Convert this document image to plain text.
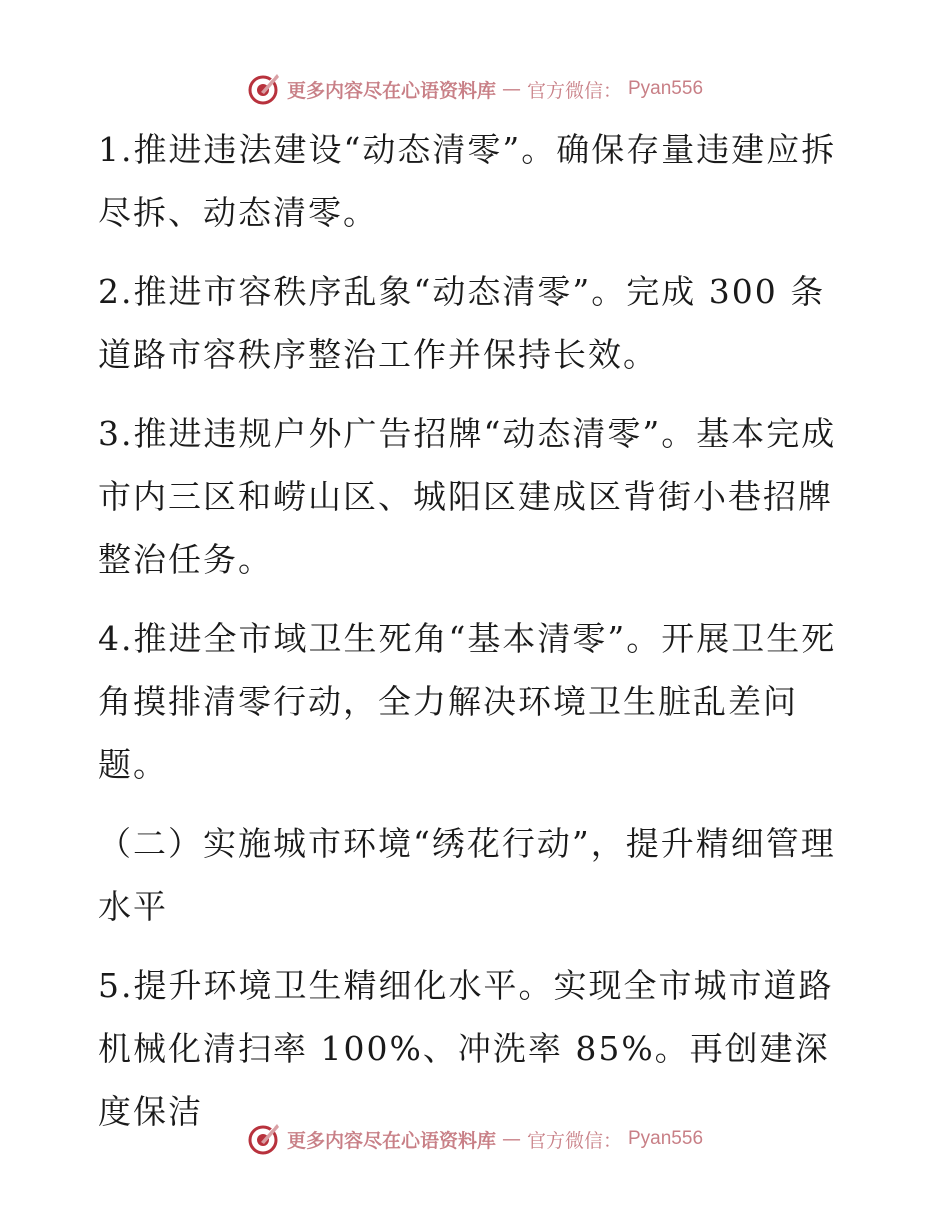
更多内容尽在心语资料库 — 官方微信： Pyan556

1.推进违法建设“动态清零”。确保存量违建应拆尽拆、动态清零。

2.推进市容秩序乱象“动态清零”。完成 300 条道路市容秩序整治工作并保持长效。

3.推进违规户外广告招牌“动态清零”。基本完成市内三区和崂山区、城阳区建成区背街小巷招牌整治任务。

4.推进全市域卫生死角“基本清零”。开展卫生死角摸排清零行动，全力解决环境卫生脏乱差问题。

（二）实施城市环境“绣花行动”，提升精细管理水平

5.提升环境卫生精细化水平。实现全市城市道路机械化清扫率 100%、冲洗率 85%。再创建深度保洁

更多内容尽在心语资料库 — 官方微信： Pyan556
